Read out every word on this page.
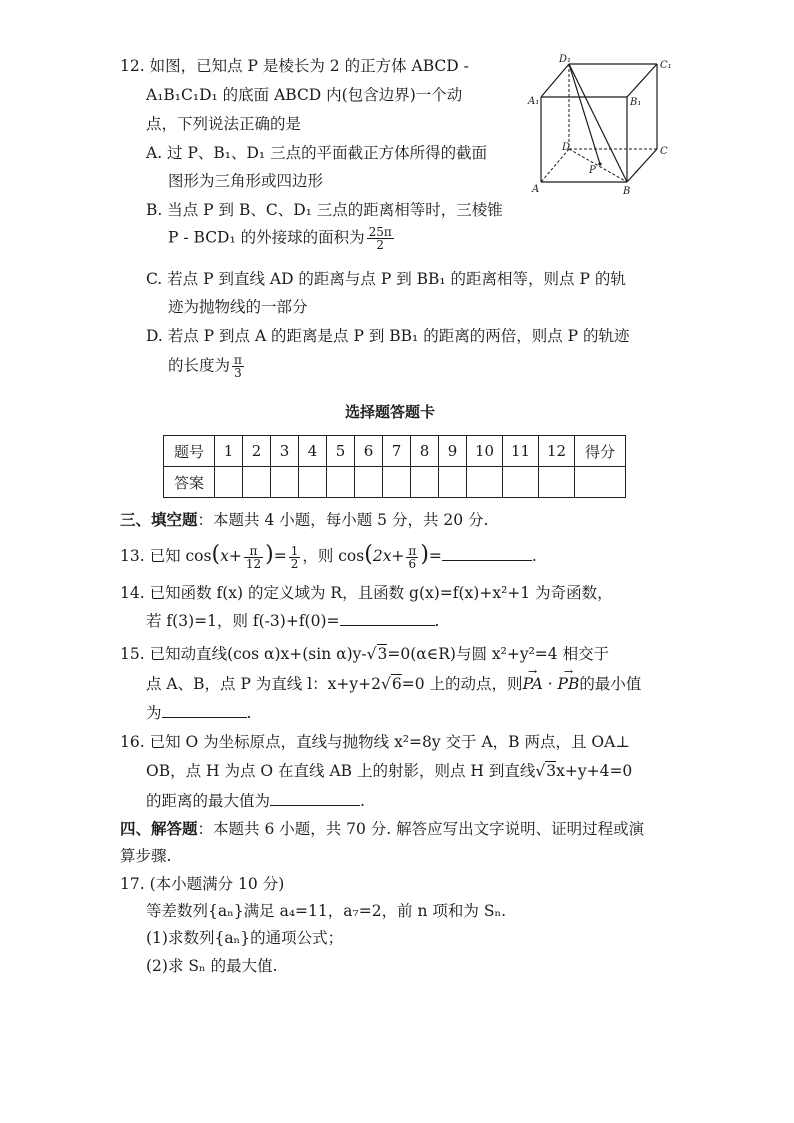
12. 如图，已知点 P 是棱长为 2 的正方体 ABCD -
A₁B₁C₁D₁ 的底面 ABCD 内(包含边界)一个动
点，下列说法正确的是
A. 过 P、B₁、D₁ 三点的平面截正方体所得的截面
图形为三角形或四边形
B. 当点 P 到 B、C、D₁ 三点的距离相等时，三棱锥
P - BCD₁ 的外接球的面积为 $\frac{25\pi}{2}$
C. 若点 P 到直线 AD 的距离与点 P 到 BB₁ 的距离相等，则点 P 的轨
迹为抛物线的一部分
D. 若点 P 到点 A 的距离是点 P 到 BB₁ 的距离的两倍，则点 P 的轨迹
的长度为 $\frac{\pi}{3}$
D₁
C₁
A₁	B₁
D	C
A	B
P
选择题答题卡
题号	1	2	3	4	5	6	7	8	9	10	11	12	得分
答案													
三、填空题：本题共 4 小题，每小题 5 分，共 20 分.
13. 已知 $\cos(x+ \frac{\pi}{12}$ )= $\frac{1}{2}$ ，则 $\cos(2x+ \frac{\pi}{6}$ )=	.
14. 已知函数 f(x) 的定义域为 R，且函数 g(x)=f(x)+x²+1 为奇函数，
若 f(3)=1，则 f(-3)+f(0)=	.
15. 已知动直线(cos α)x+(sin α)y-√3=0(α∈R)与圆 x²+y²=4 相交于
点 A、B，点 P 为直线 l：x+y+2√6=0 上的动点，则→ PA · → PB的最小值
为	.
16. 已知 O 为坐标原点，直线与抛物线 x²=8y 交于 A，B 两点，且 OA⊥
OB，点 H 为点 O 在直线 AB 上的射影，则点 H 到直线√3x+y+4=0
的距离的最大值为	.
四、解答题：本题共 6 小题，共 70 分. 解答应写出文字说明、证明过程或演
算步骤.
17. (本小题满分 10 分)
等差数列{aₙ}满足 a₄=11，a₇=2，前 n 项和为 Sₙ.
(1)求数列{aₙ}的通项公式；
(2)求 Sₙ 的最大值.
